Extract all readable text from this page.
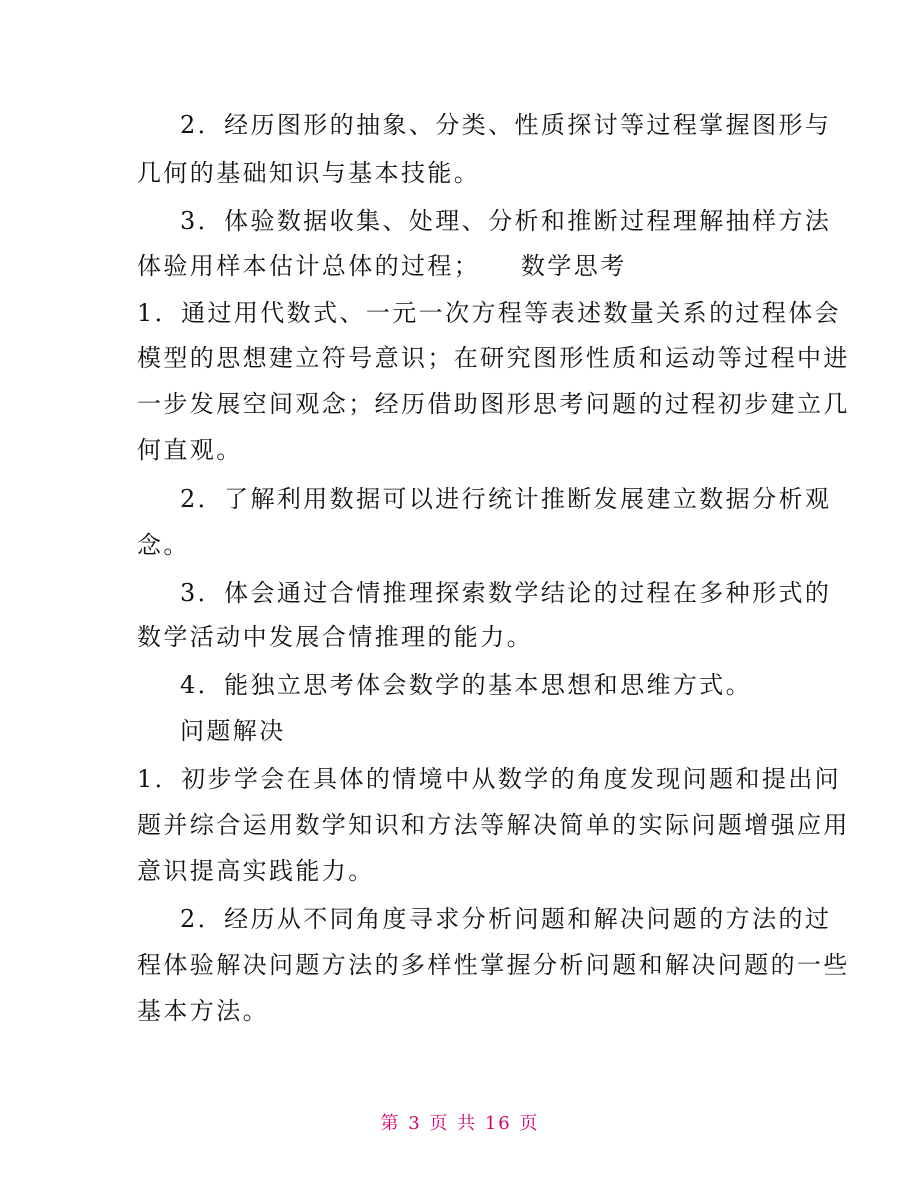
2．经历图形的抽象、分类、性质探讨等过程掌握图形与
几何的基础知识与基本技能。
3．体验数据收集、处理、分析和推断过程理解抽样方法
体验用样本估计总体的过程；　　数学思考
1．通过用代数式、一元一次方程等表述数量关系的过程体会
模型的思想建立符号意识；在研究图形性质和运动等过程中进
一步发展空间观念；经历借助图形思考问题的过程初步建立几
何直观。
2．了解利用数据可以进行统计推断发展建立数据分析观
念。
3．体会通过合情推理探索数学结论的过程在多种形式的
数学活动中发展合情推理的能力。
4．能独立思考体会数学的基本思想和思维方式。
问题解决
1．初步学会在具体的情境中从数学的角度发现问题和提出问
题并综合运用数学知识和方法等解决简单的实际问题增强应用
意识提高实践能力。
2．经历从不同角度寻求分析问题和解决问题的方法的过
程体验解决问题方法的多样性掌握分析问题和解决问题的一些
基本方法。
第 3 页 共 16 页
